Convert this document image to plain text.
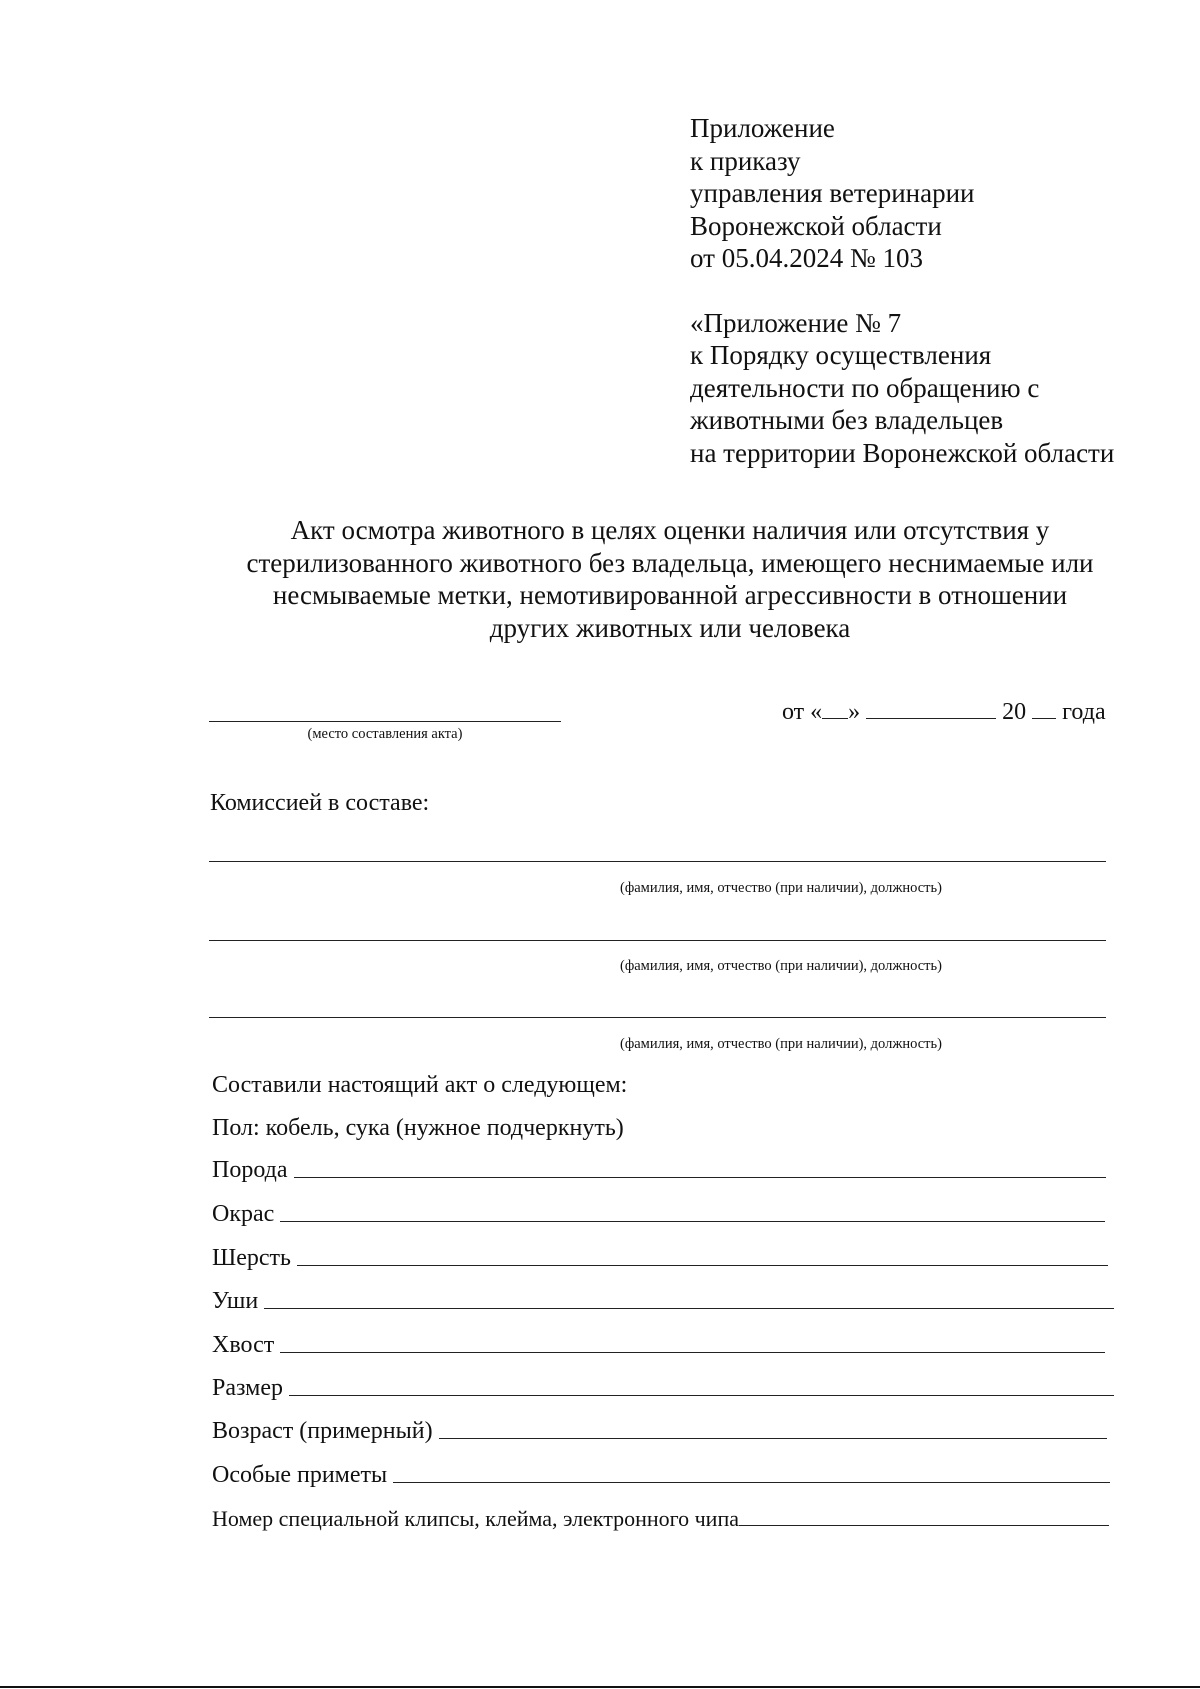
Приложение
к приказу
управления ветеринарии
Воронежской области
от 05.04.2024 № 103
«Приложение № 7
к Порядку осуществления
деятельности по обращению с
животными без владельцев
на территории Воронежской области
Акт осмотра животного в целях оценки наличия или отсутствия у
стерилизованного животного без владельца, имеющего неснимаемые или
несмываемые метки, немотивированной агрессивности в отношении
других животных или человека
(место составления акта)
от « »	20 года
Комиссией в составе:
(фамилия, имя, отчество (при наличии), должность)
(фамилия, имя, отчество (при наличии), должность)
(фамилия, имя, отчество (при наличии), должность)
Составили настоящий акт о следующем:
Пол: кобель, сука (нужное подчеркнуть)
Порода
Окрас
Шерсть
Уши
Хвост
Размер
Возраст (примерный)
Особые приметы
Номер специальной клипсы, клейма, электронного чипа
